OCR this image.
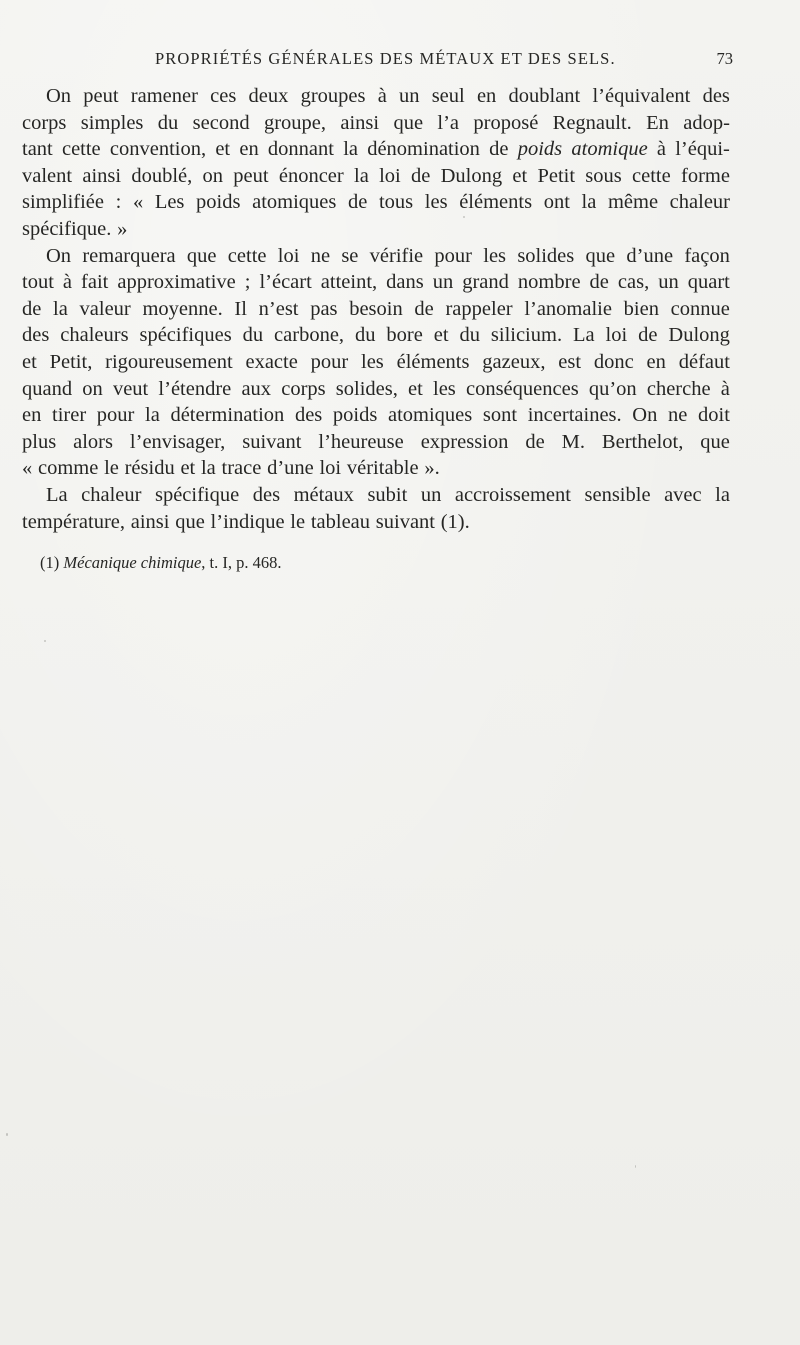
PROPRIÉTÉS GÉNÉRALES DES MÉTAUX ET DES SELS.	73
On peut ramener ces deux groupes à un seul en doublant l’équivalent des
corps simples du second groupe, ainsi que l’a proposé Regnault. En adop-
tant cette convention, et en donnant la dénomination de poids atomique à l’équi-
valent ainsi doublé, on peut énoncer la loi de Dulong et Petit sous cette forme
simplifiée : « Les poids atomiques de tous les éléments ont la même chaleur
spécifique. »
On remarquera que cette loi ne se vérifie pour les solides que d’une façon
tout à fait approximative ; l’écart atteint, dans un grand nombre de cas, un quart
de la valeur moyenne. Il n’est pas besoin de rappeler l’anomalie bien connue
des chaleurs spécifiques du carbone, du bore et du silicium. La loi de Dulong
et Petit, rigoureusement exacte pour les éléments gazeux, est donc en défaut
quand on veut l’étendre aux corps solides, et les conséquences qu’on cherche à
en tirer pour la détermination des poids atomiques sont incertaines. On ne doit
plus alors l’envisager, suivant l’heureuse expression de M. Berthelot, que
« comme le résidu et la trace d’une loi véritable ».
La chaleur spécifique des métaux subit un accroissement sensible avec la
température, ainsi que l’indique le tableau suivant (1).
(1) Mécanique chimique, t. I, p. 468.
